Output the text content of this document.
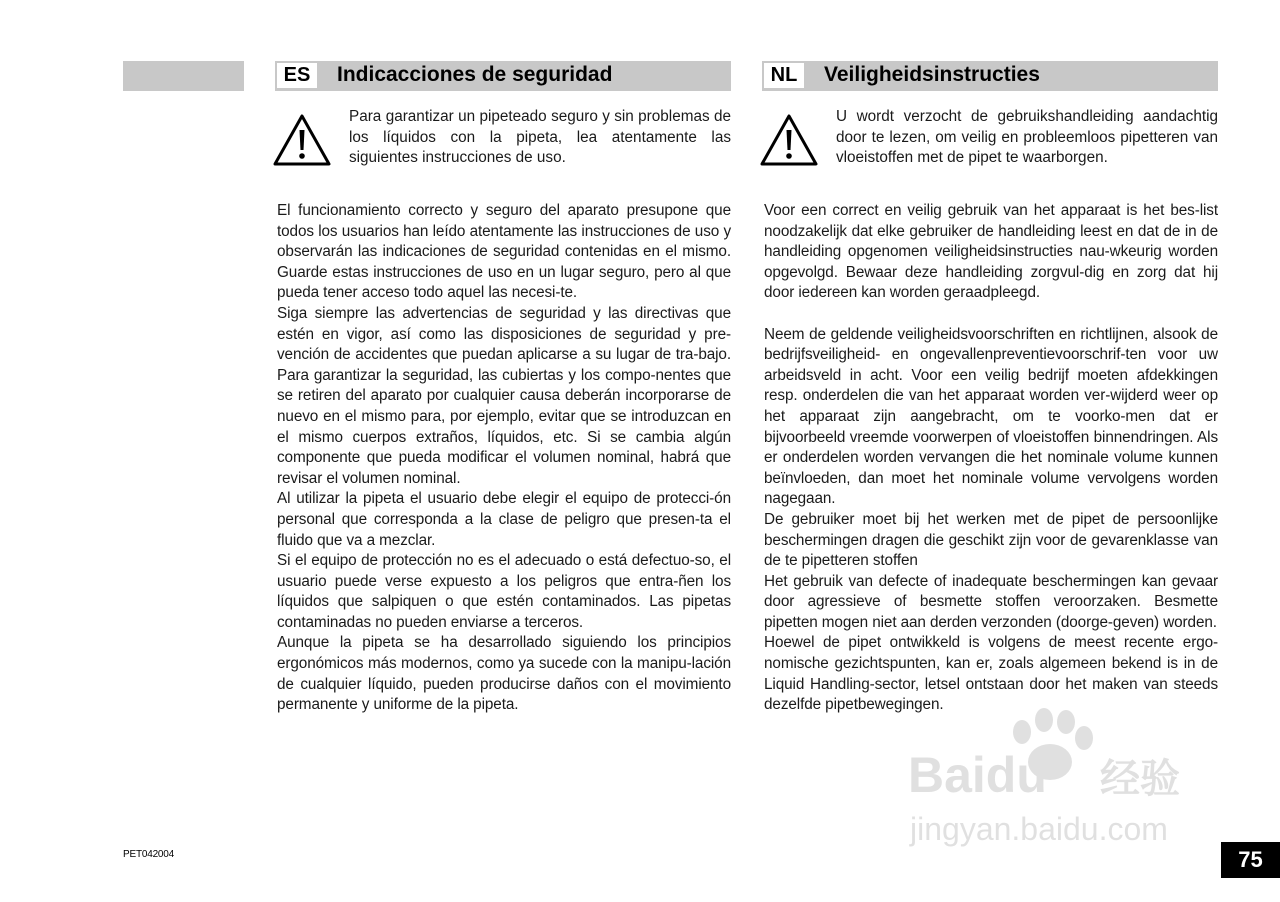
ES	Indicacciones de seguridad
Para garantizar un pipeteado seguro y sin problemas de los líquidos con la pipeta, lea atentamente las siguientes instrucciones de uso.

El funcionamiento correcto y seguro del aparato presupone que todos los usuarios han leído atentamente las instrucciones de uso y observarán las indicaciones de seguridad contenidas en el mismo. Guarde estas instrucciones de uso en un lugar seguro, pero al que pueda tener acceso todo aquel las necesi-te.

Siga siempre las advertencias de seguridad y las directivas que estén en vigor, así como las disposiciones de seguridad y pre-vención de accidentes que puedan aplicarse a su lugar de tra-bajo. Para garantizar la seguridad, las cubiertas y los compo-nentes que se retiren del aparato por cualquier causa deberán incorporarse de nuevo en el mismo para, por ejemplo, evitar que se introduzcan en el mismo cuerpos extraños, líquidos, etc. Si se cambia algún componente que pueda modificar el volumen nominal, habrá que revisar el volumen nominal.

Al utilizar la pipeta el usuario debe elegir el equipo de protecci-ón personal que corresponda a la clase de peligro que presen-ta el fluido que va a mezclar.

Si el equipo de protección no es el adecuado o está defectuo-so, el usuario puede verse expuesto a los peligros que entra-ñen los líquidos que salpiquen o que estén contaminados. Las pipetas contaminadas no pueden enviarse a terceros.

Aunque la pipeta se ha desarrollado siguiendo los principios ergonómicos más modernos, como ya sucede con la manipu-lación de cualquier líquido, pueden producirse daños con el movimiento permanente y uniforme de la pipeta.

NL	Veiligheidsinstructies
U wordt verzocht de gebruikshandleiding aandachtig door te lezen, om veilig en probleemloos pipetteren van vloeistoffen met de pipet te waarborgen.

Voor een correct en veilig gebruik van het apparaat is het bes-list noodzakelijk dat elke gebruiker de handleiding leest en dat de in de handleiding opgenomen veiligheidsinstructies nau-wkeurig worden opgevolgd. Bewaar deze handleiding zorgvul-dig en zorg dat hij door iedereen kan worden geraadpleegd.

Neem de geldende veiligheidsvoorschriften en richtlijnen, alsook de bedrijfsveiligheid- en ongevallenpreventievoorschrif-ten voor uw arbeidsveld in acht. Voor een veilig bedrijf moeten afdekkingen resp. onderdelen die van het apparaat worden ver-wijderd weer op het apparaat zijn aangebracht, om te voorko-men dat er bijvoorbeeld vreemde voorwerpen of vloeistoffen binnendringen. Als er onderdelen worden vervangen die het nominale volume kunnen beïnvloeden, dan moet het nominale volume vervolgens worden nagegaan.

De gebruiker moet bij het werken met de pipet de persoonlijke beschermingen dragen die geschikt zijn voor de gevarenklasse van de te pipetteren stoffen

Het gebruik van defecte of inadequate beschermingen kan gevaar door agressieve of besmette stoffen veroorzaken. Besmette pipetten mogen niet aan derden verzonden (doorge-geven) worden.

Hoewel de pipet ontwikkeld is volgens de meest recente ergo-nomische gezichtspunten, kan er, zoals algemeen bekend is in de Liquid Handling-sector, letsel ontstaan door het maken van steeds dezelfde pipetbewegingen.

Baidu 经验
jingyan.baidu.com
PET042004	75
